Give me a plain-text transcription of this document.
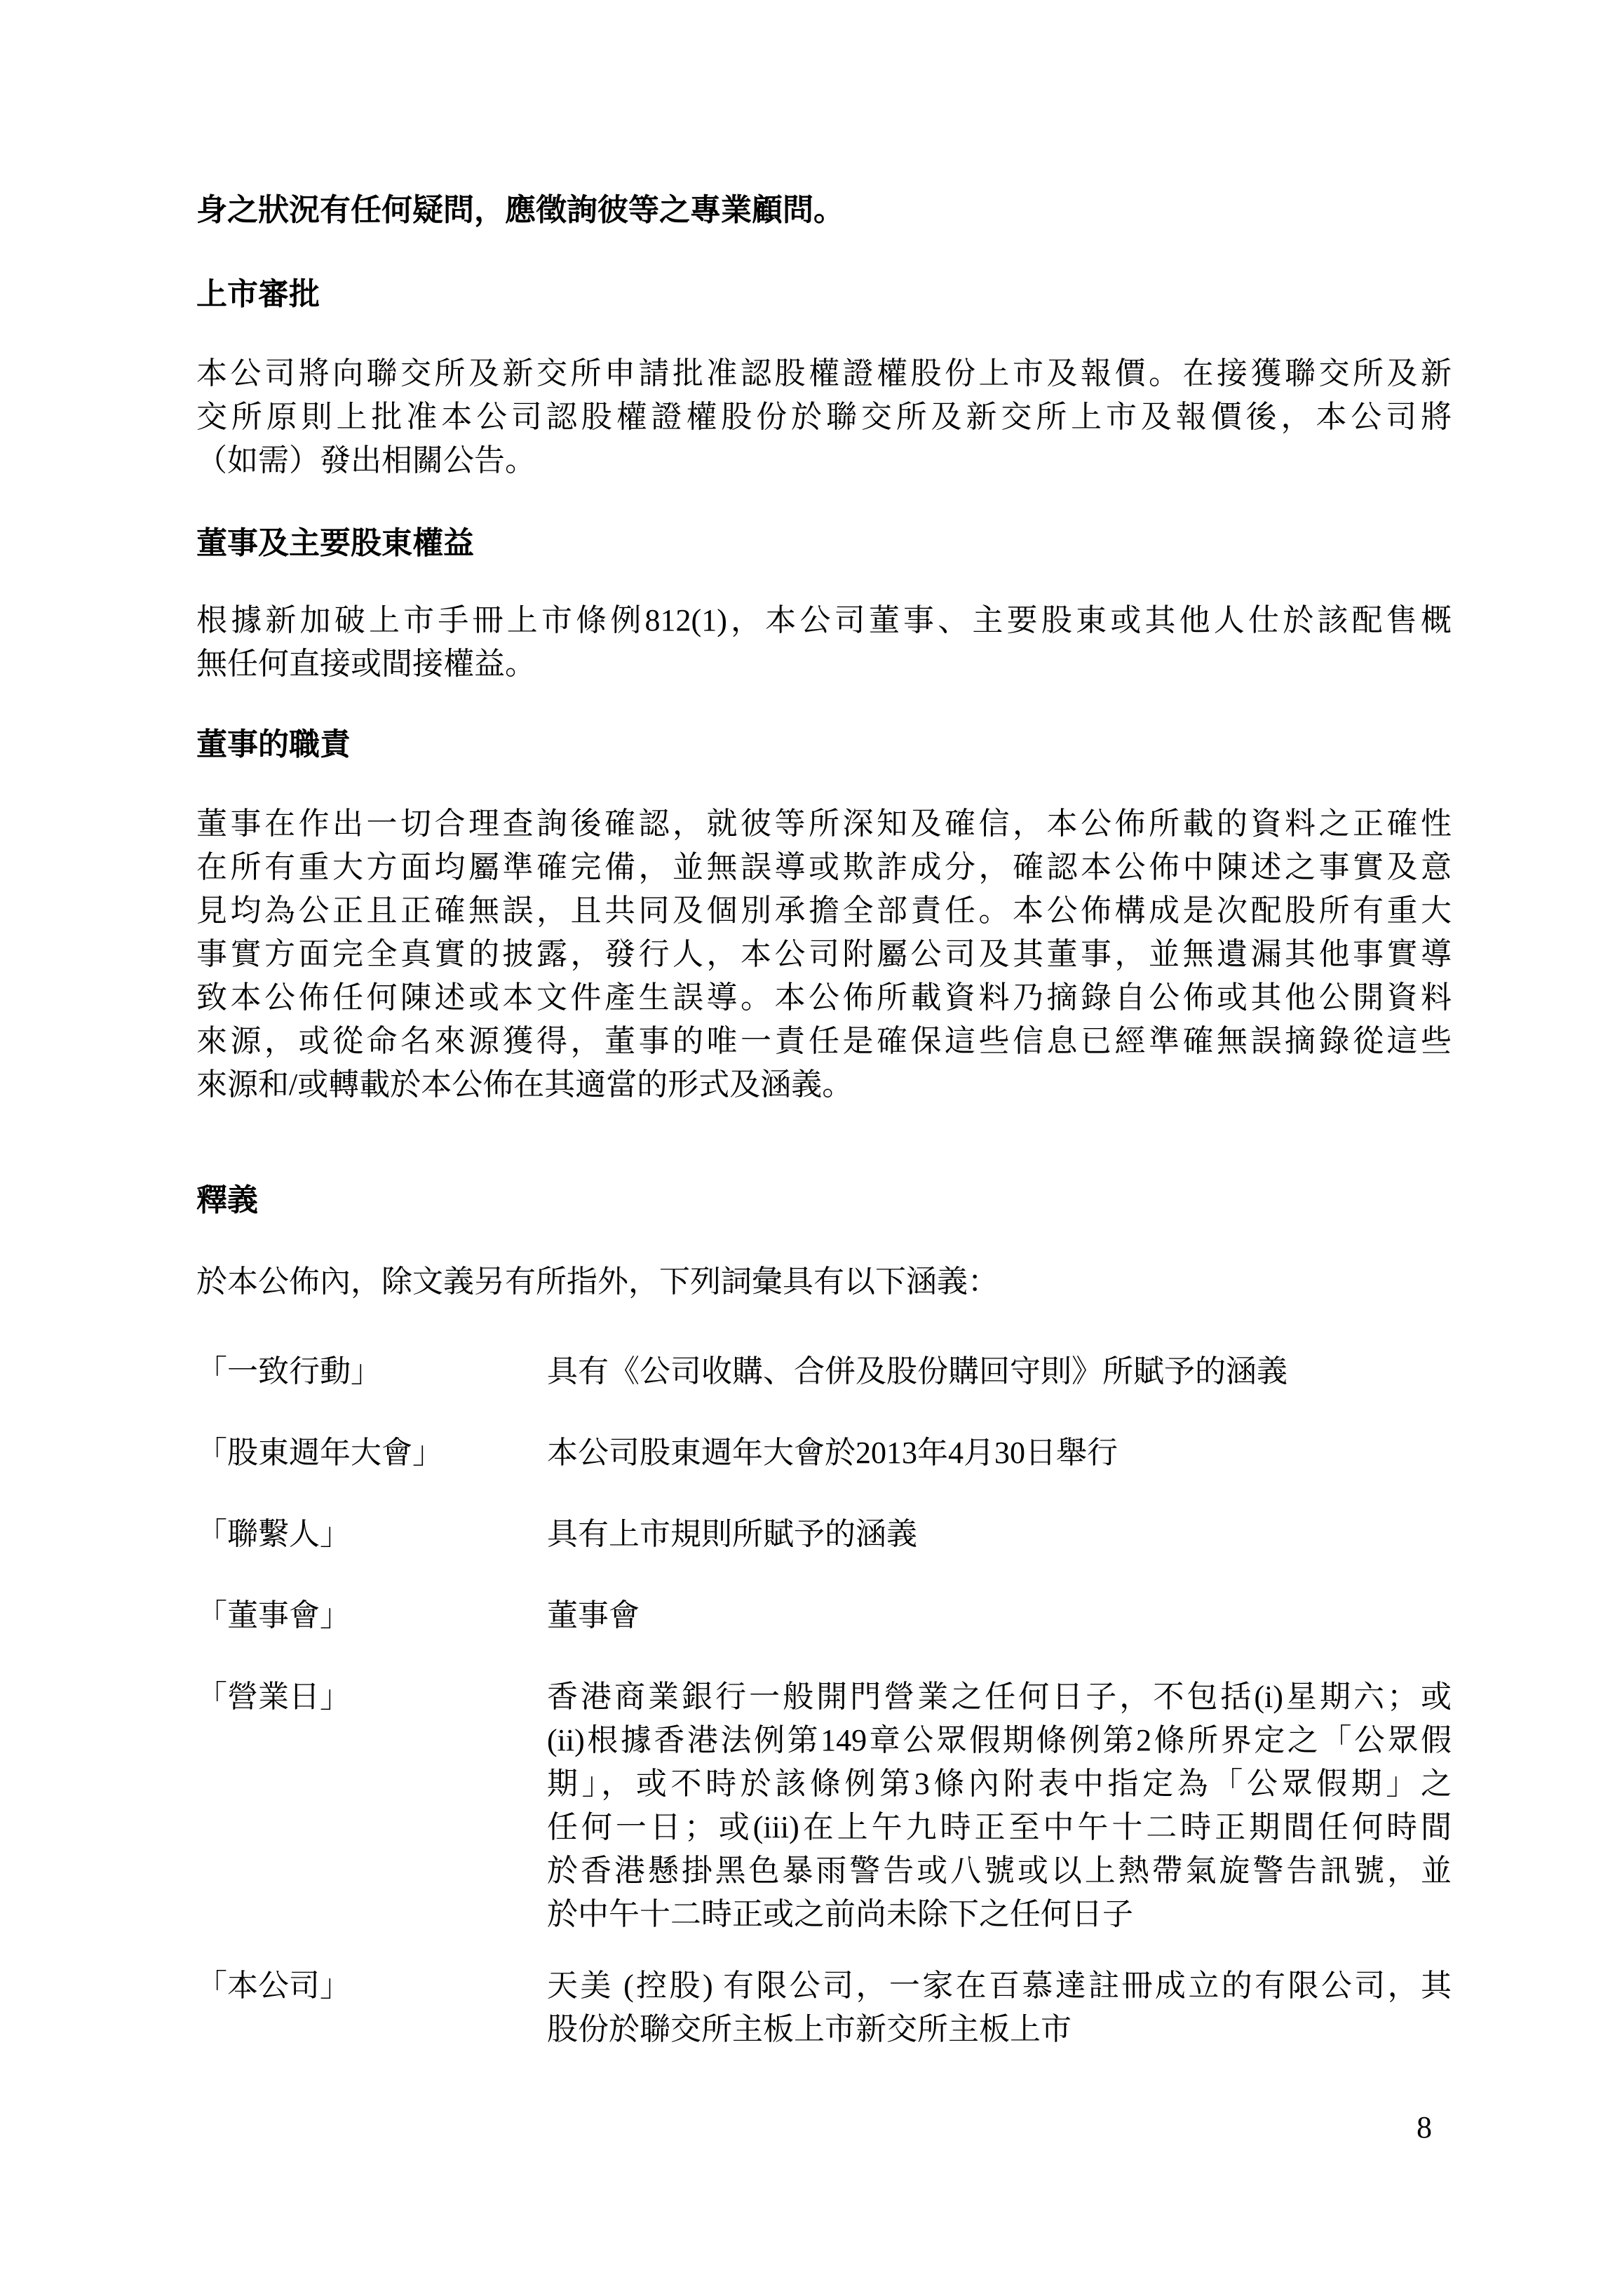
身之狀況有任何疑問，應徵詢彼等之專業顧問。
上市審批
本公司將向聯交所及新交所申請批准認股權證權股份上市及報價。在接獲聯交所及新
交所原則上批准本公司認股權證權股份於聯交所及新交所上市及報價後，本公司將
（如需）發出相關公告。
董事及主要股東權益
根據新加破上市手冊上市條例812(1)，本公司董事、主要股東或其他人仕於該配售概
無任何直接或間接權益。
董事的職責
董事在作出一切合理查詢後確認，就彼等所深知及確信，本公佈所載的資料之正確性
在所有重大方面均屬準確完備，並無誤導或欺詐成分，確認本公佈中陳述之事實及意
見均為公正且正確無誤，且共同及個別承擔全部責任。本公佈構成是次配股所有重大
事實方面完全真實的披露，發行人，本公司附屬公司及其董事，並無遺漏其他事實導
致本公佈任何陳述或本文件產生誤導。本公佈所載資料乃摘錄自公佈或其他公開資料
來源，或從命名來源獲得，董事的唯一責任是確保這些信息已經準確無誤摘錄從這些
來源和/或轉載於本公佈在其適當的形式及涵義。
釋義
於本公佈內，除文義另有所指外，下列詞彙具有以下涵義：
「一致行動」	具有《公司收購、合併及股份購回守則》所賦予的涵義
「股東週年大會」	本公司股東週年大會於2013年4月30日舉行
「聯繫人」	具有上市規則所賦予的涵義
「董事會」	董事會
「營業日」	香港商業銀行一般開門營業之任何日子，不包括(i)星期六；或
(ii)根據香港法例第149章公眾假期條例第2條所界定之「公眾假
期」，或不時於該條例第3條內附表中指定為「公眾假期」之
任何一日；或(iii)在上午九時正至中午十二時正期間任何時間
於香港懸掛黑色暴雨警告或八號或以上熱帶氣旋警告訊號，並
於中午十二時正或之前尚未除下之任何日子
「本公司」	天美 (控股) 有限公司，一家在百慕達註冊成立的有限公司，其
股份於聯交所主板上市新交所主板上市
8
